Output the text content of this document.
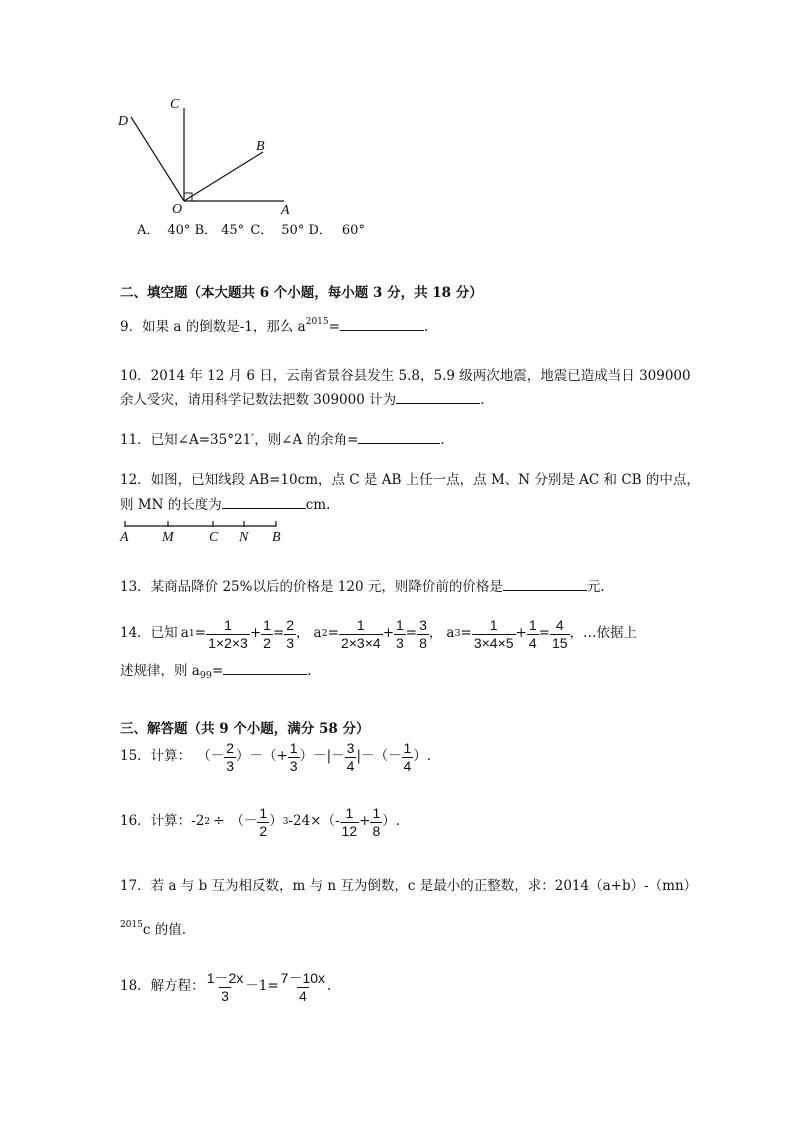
D
C
B
O	A
A． 40° B． 45° C． 50° D． 60°
二、填空题（本大题共 6 个小题，每小题 3 分，共 18 分）
9．如果 a 的倒数是-1，那么 $a^{2015}=$	.
10．2014 年 12 月 6 日，云南省景谷县发生 5.8，5.9 级两次地震，地震已造成当日 309000
余人受灾，请用科学记数法把数 309000 计为	.
11．已知∠A=35°21′，则∠A 的余角=	.
12．如图，已知线段 AB=10cm，点 C 是 AB 上任一点，点 M、N 分别是 AC 和 CB 的中点，
则 MN 的长度为	cm.
A M	C N B
13．某商品降价 25%以后的价格是 120 元，则降价前的价格是	元.
14．已知 a $1 = \frac{1}{1\times 2\times 3} + \frac{1}{2} = \frac{2}{3}$ ， a $2 = \frac{1}{2\times 3\times 4} + \frac{1}{3} = \frac{3}{8}$ ， a $3 = \frac{1}{3\times 4\times 5} + \frac{1}{4} = \frac{4}{15}$ ，…依据上
述规律，则 $a_{99}=$	.
三、解答题（共 9 个小题，满分 58 分）
15．计算： （－ $\frac{2}{3}$ ）－（+ $\frac{1}{3}$ ）－|－ $\frac{3}{4}$ |－（－ $\frac{1}{4}$ ）.
16．计算：-2 2 ÷ （－ $\frac{1}{2}$ ） 3 -24× （- $\frac{1}{12} + \frac{1}{8}$ ）.
17．若 a 与 b 互为相反数，m 与 n 互为倒数，c 是最小的正整数，求：2014（a+b）-（mn）
$^{2015}$c 的值.
18．解方程： $\frac{1-2x}{3} -1= \frac{7-10x}{4}$ .
